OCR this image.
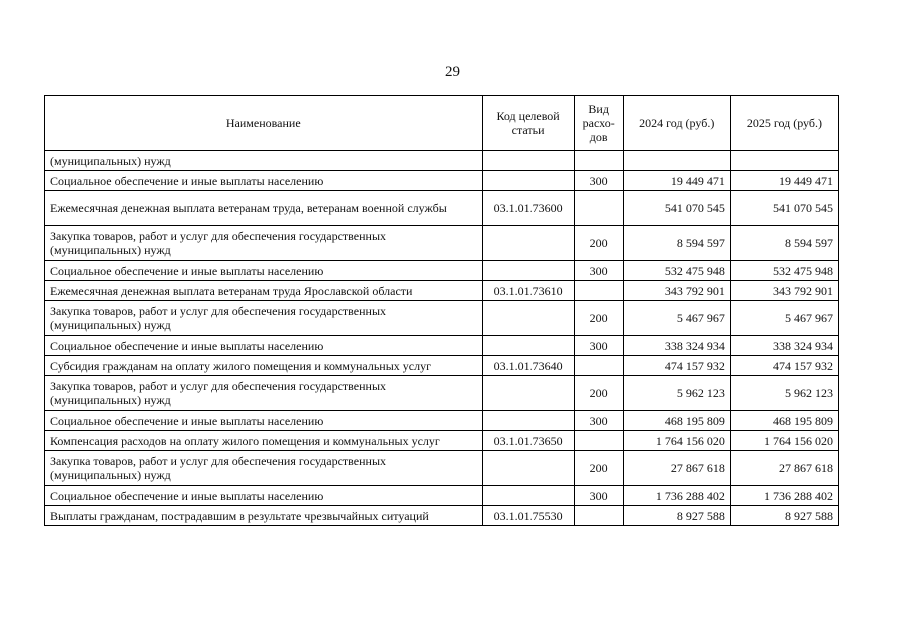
29
Наименование	Код целевой статьи	Вид расхо-дов	2024 год (руб.)	2025 год (руб.)
(муниципальных) нужд				
Социальное обеспечение и иные выплаты населению		300	19 449 471	19 449 471
Ежемесячная денежная выплата ветеранам труда, ветеранам военной службы	03.1.01.73600		541 070 545	541 070 545
Закупка товаров, работ и услуг для обеспечения государственных (муниципальных) нужд		200	8 594 597	8 594 597
Социальное обеспечение и иные выплаты населению		300	532 475 948	532 475 948
Ежемесячная денежная выплата ветеранам труда Ярославской области	03.1.01.73610		343 792 901	343 792 901
Закупка товаров, работ и услуг для обеспечения государственных (муниципальных) нужд		200	5 467 967	5 467 967
Социальное обеспечение и иные выплаты населению		300	338 324 934	338 324 934
Субсидия гражданам на оплату жилого помещения и коммунальных услуг	03.1.01.73640		474 157 932	474 157 932
Закупка товаров, работ и услуг для обеспечения государственных (муниципальных) нужд		200	5 962 123	5 962 123
Социальное обеспечение и иные выплаты населению		300	468 195 809	468 195 809
Компенсация расходов на оплату жилого помещения и коммунальных услуг	03.1.01.73650		1 764 156 020	1 764 156 020
Закупка товаров, работ и услуг для обеспечения государственных (муниципальных) нужд		200	27 867 618	27 867 618
Социальное обеспечение и иные выплаты населению		300	1 736 288 402	1 736 288 402
Выплаты гражданам, пострадавшим в результате чрезвычайных ситуаций	03.1.01.75530		8 927 588	8 927 588
